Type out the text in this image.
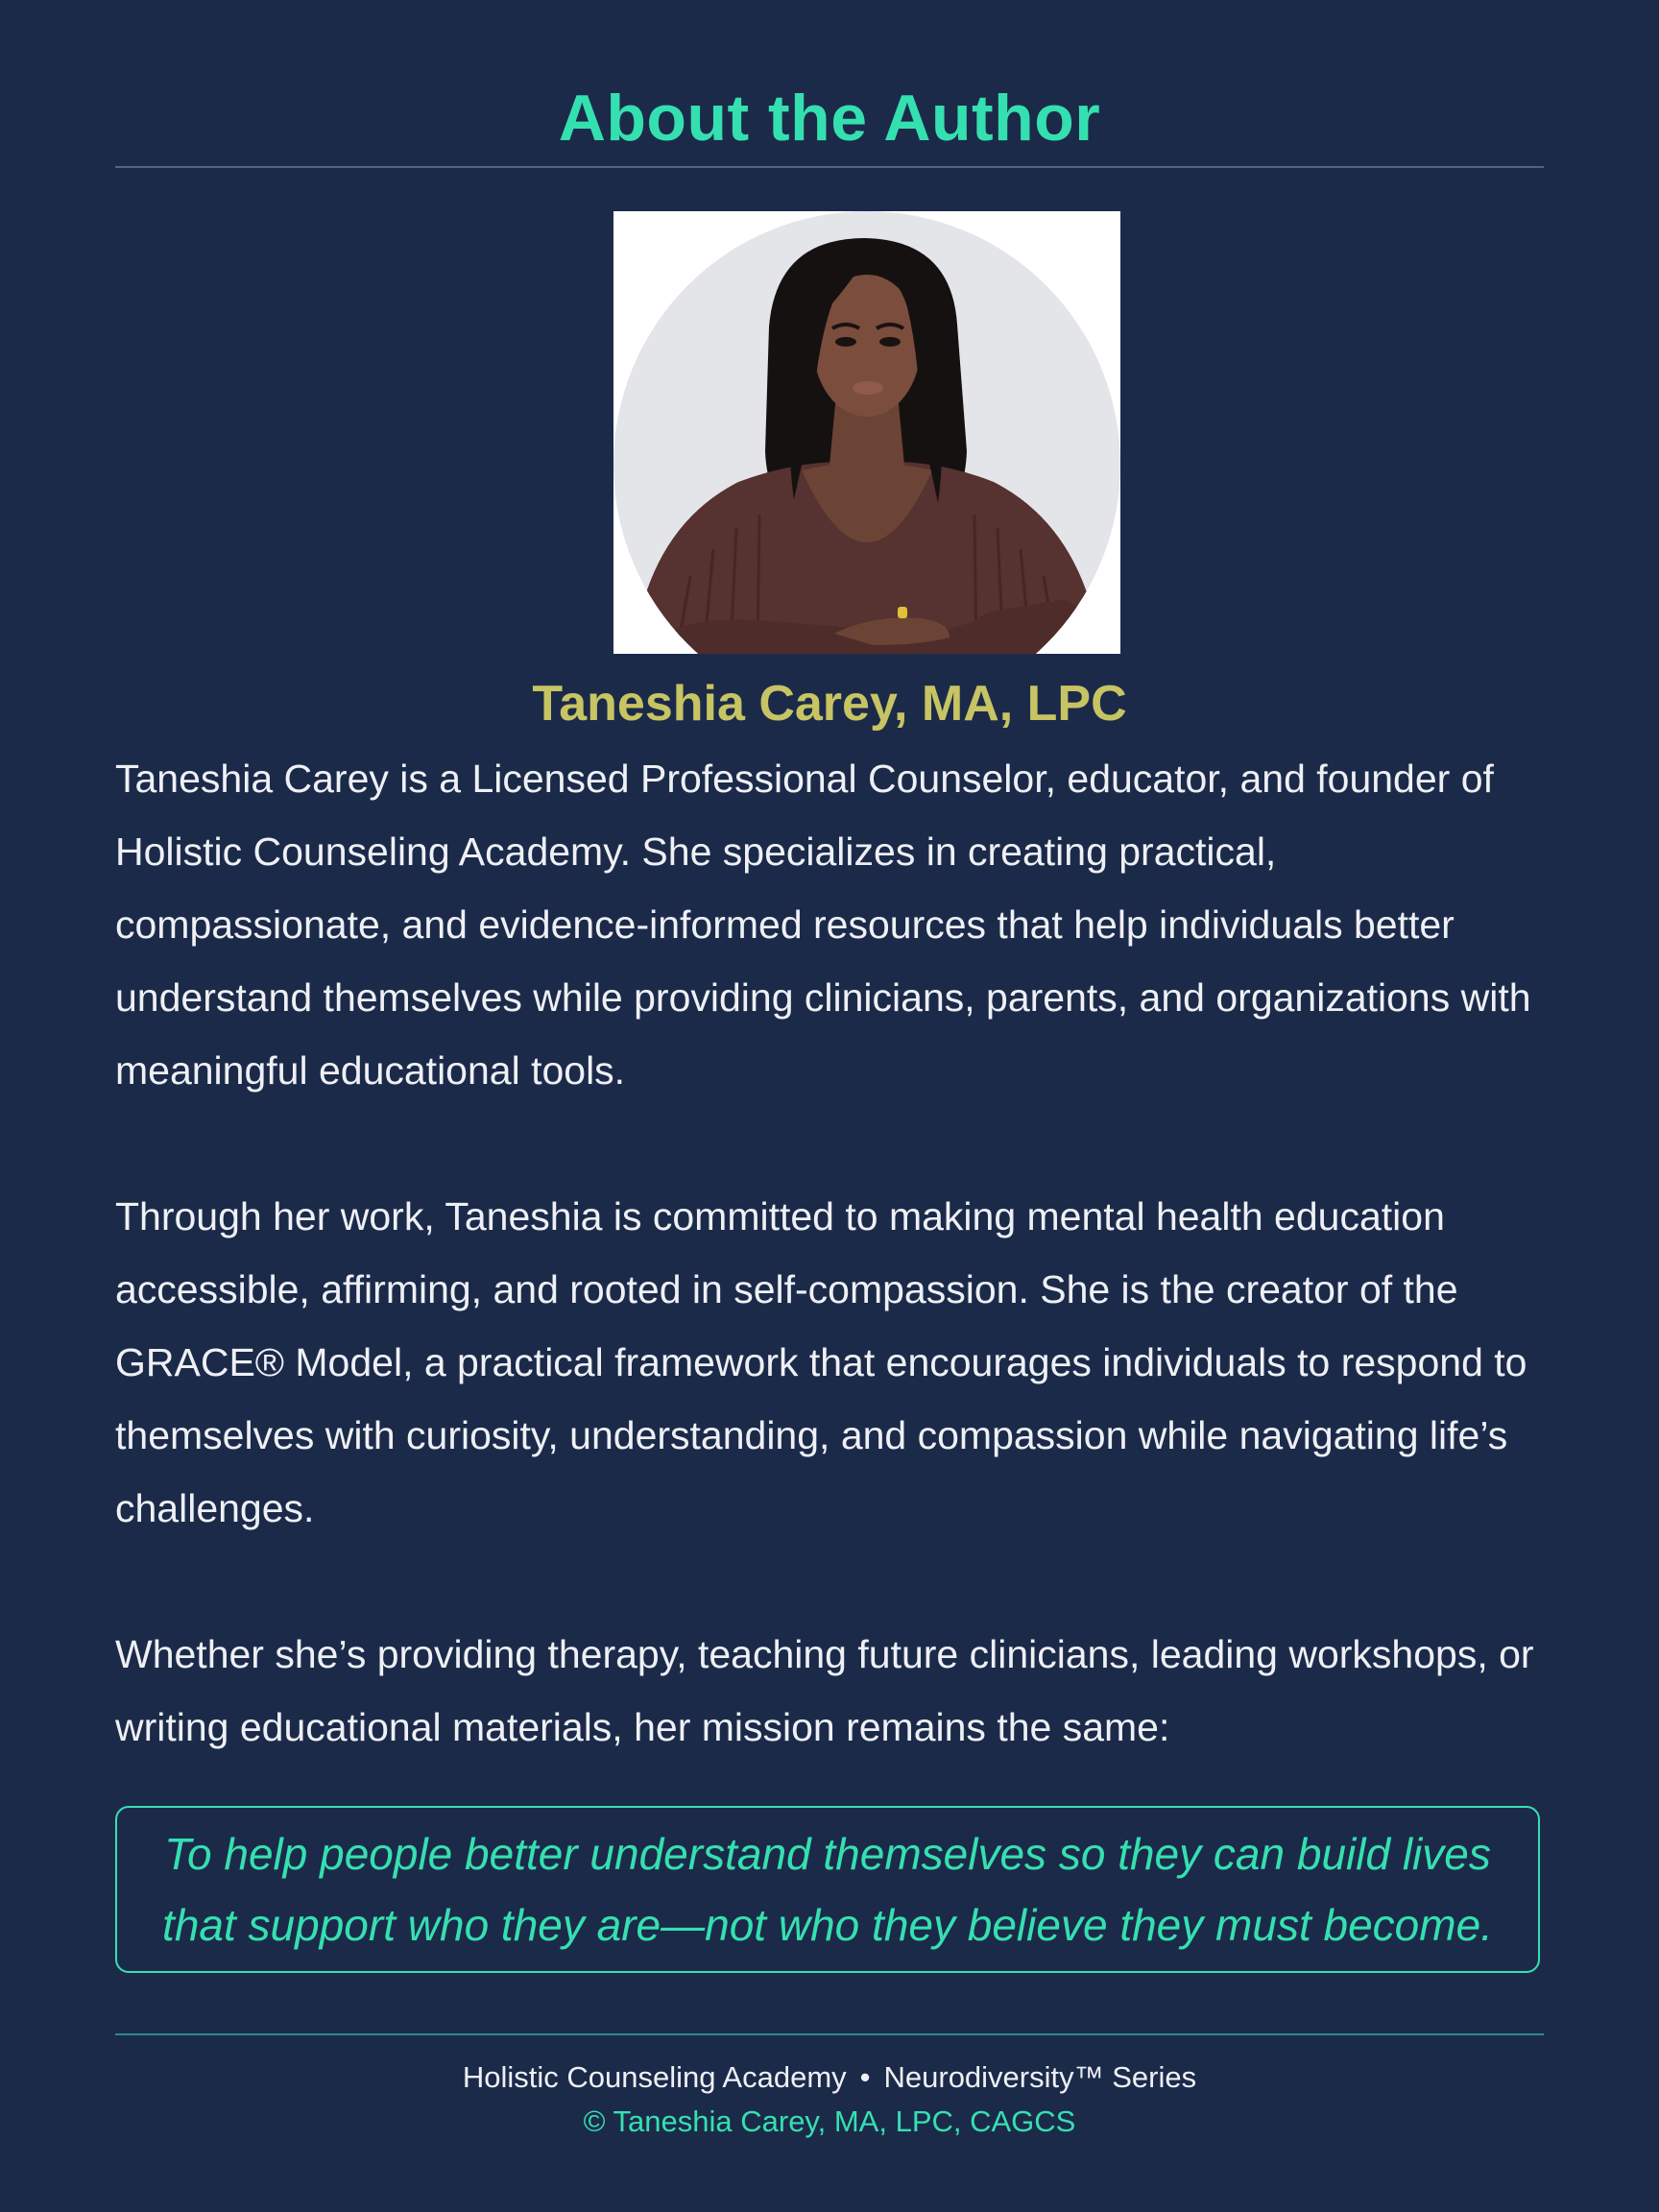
About the Author
Taneshia Carey, MA, LPC

Taneshia Carey is a Licensed Professional Counselor, educator, and founder of Holistic Counseling Academy. She specializes in creating practical, compassionate, and evidence-informed resources that help individuals better understand themselves while providing clinicians, parents, and organizations with meaningful educational tools.

Through her work, Taneshia is committed to making mental health education accessible, affirming, and rooted in self-compassion. She is the creator of the GRACE® Model, a practical framework that encourages individuals to respond to themselves with curiosity, understanding, and compassion while navigating life’s challenges.

Whether she’s providing therapy, teaching future clinicians, leading workshops, or writing educational materials, her mission remains the same:

To help people better understand themselves so they can build lives that support who they are—not who they believe they must become.
Holistic Counseling Academy • Neurodiversity™ Series
© Taneshia Carey, MA, LPC, CAGCS
